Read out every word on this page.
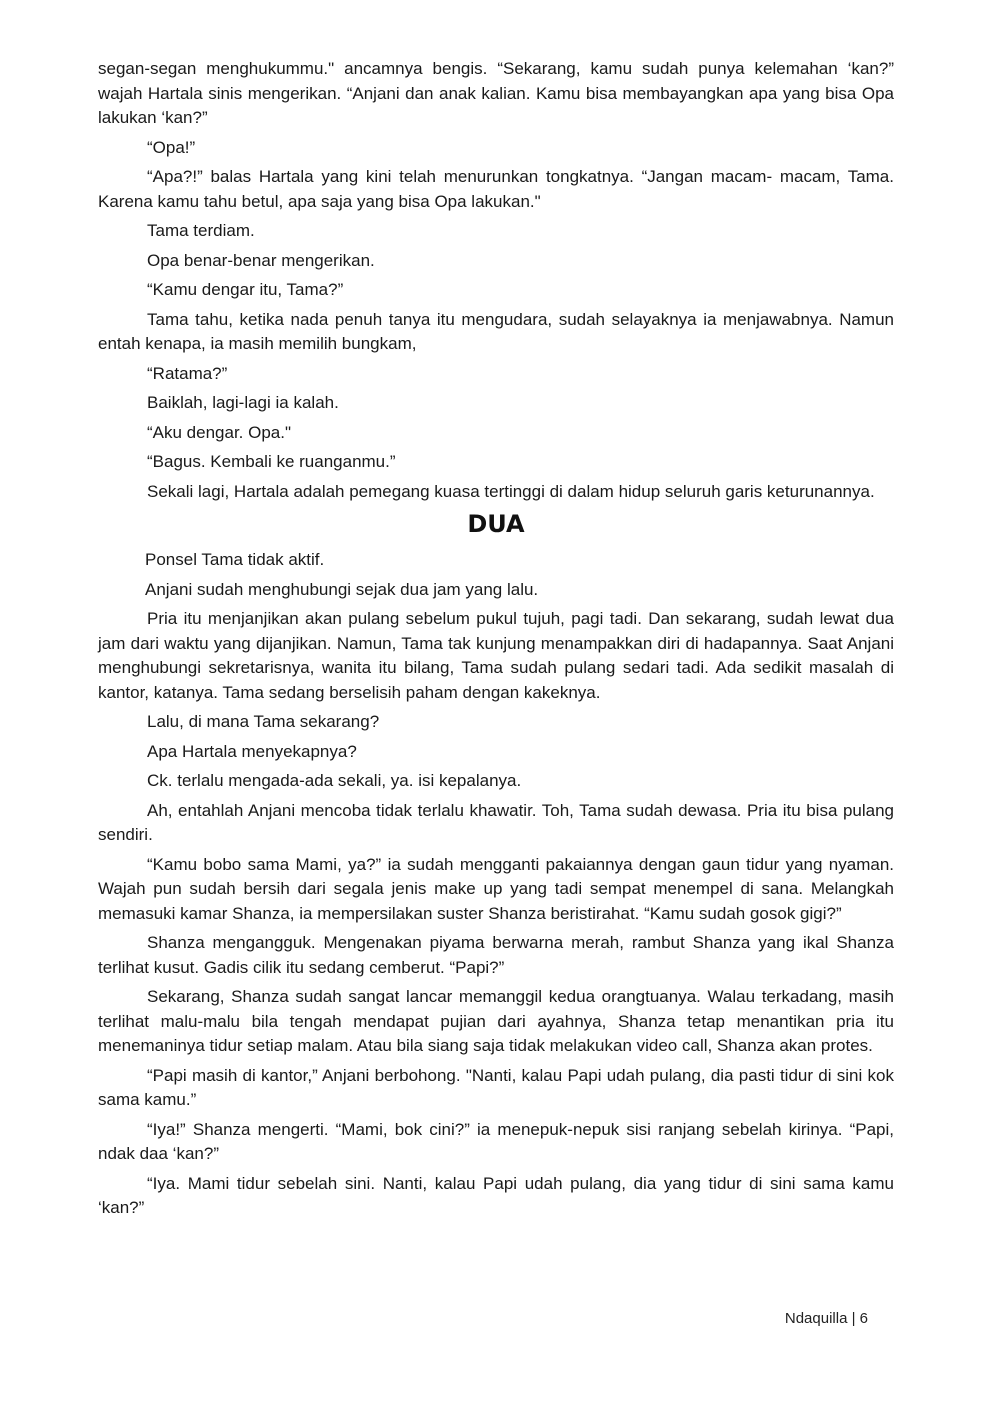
segan-segan menghukummu." ancamnya bengis. “Sekarang, kamu sudah punya kelemahan ‘kan?” wajah Hartala sinis mengerikan. “Anjani dan anak kalian. Kamu bisa membayangkan apa yang bisa Opa lakukan ‘kan?”

“Opa!”

“Apa?!” balas Hartala yang kini telah menurunkan tongkatnya. “Jangan macam- macam, Tama. Karena kamu tahu betul, apa saja yang bisa Opa lakukan."

Tama terdiam.

Opa benar-benar mengerikan.

“Kamu dengar itu, Tama?”

Tama tahu, ketika nada penuh tanya itu mengudara, sudah selayaknya ia menjawabnya. Namun entah kenapa, ia masih memilih bungkam,

“Ratama?”

Baiklah, lagi-lagi ia kalah.

“Aku dengar. Opa."

“Bagus. Kembali ke ruanganmu.”

Sekali lagi, Hartala adalah pemegang kuasa tertinggi di dalam hidup seluruh garis keturunannya.

DUA

Ponsel Tama tidak aktif.

Anjani sudah menghubungi sejak dua jam yang lalu.

Pria itu menjanjikan akan pulang sebelum pukul tujuh, pagi tadi. Dan sekarang, sudah lewat dua jam dari waktu yang dijanjikan. Namun, Tama tak kunjung menampakkan diri di hadapannya. Saat Anjani menghubungi sekretarisnya, wanita itu bilang, Tama sudah pulang sedari tadi. Ada sedikit masalah di kantor, katanya. Tama sedang berselisih paham dengan kakeknya.

Lalu, di mana Tama sekarang?

Apa Hartala menyekapnya?

Ck. terlalu mengada-ada sekali, ya. isi kepalanya.

Ah, entahlah Anjani mencoba tidak terlalu khawatir. Toh, Tama sudah dewasa. Pria itu bisa pulang sendiri.

“Kamu bobo sama Mami, ya?” ia sudah mengganti pakaiannya dengan gaun tidur yang nyaman. Wajah pun sudah bersih dari segala jenis make up yang tadi sempat menempel di sana. Melangkah memasuki kamar Shanza, ia mempersilakan suster Shanza beristirahat. “Kamu sudah gosok gigi?”

Shanza mengangguk. Mengenakan piyama berwarna merah, rambut Shanza yang ikal Shanza terlihat kusut. Gadis cilik itu sedang cemberut. “Papi?”

Sekarang, Shanza sudah sangat lancar memanggil kedua orangtuanya. Walau terkadang, masih terlihat malu-malu bila tengah mendapat pujian dari ayahnya, Shanza tetap menantikan pria itu menemaninya tidur setiap malam. Atau bila siang saja tidak melakukan video call, Shanza akan protes.

“Papi masih di kantor,” Anjani berbohong. "Nanti, kalau Papi udah pulang, dia pasti tidur di sini kok sama kamu.”

“Iya!” Shanza mengerti. “Mami, bok cini?” ia menepuk-nepuk sisi ranjang sebelah kirinya. “Papi, ndak daa ‘kan?”

“Iya. Mami tidur sebelah sini. Nanti, kalau Papi udah pulang, dia yang tidur di sini sama kamu ‘kan?”

Ndaquilla | 6
